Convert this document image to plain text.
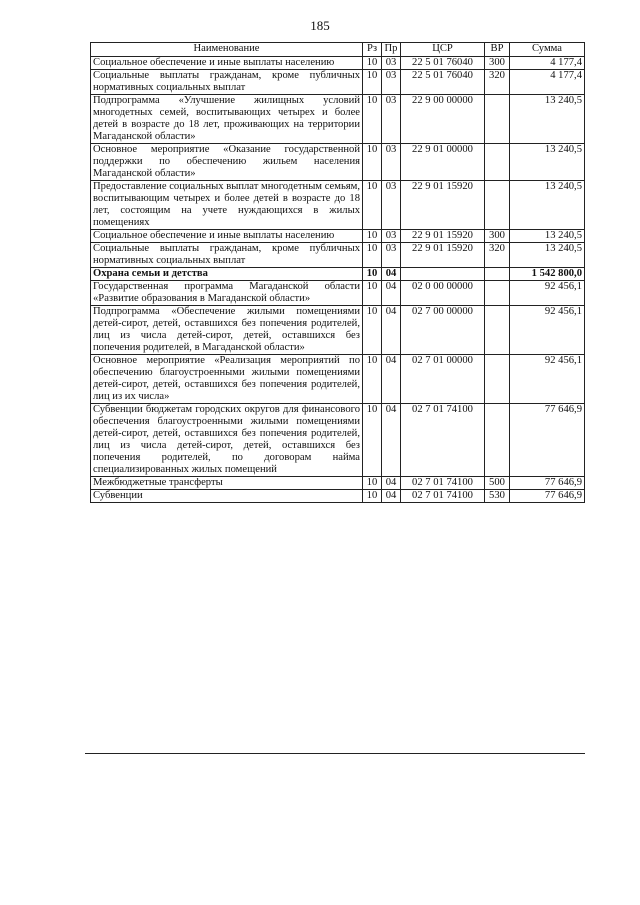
185
Наименование	Рз	Пр	ЦСР	ВР	Сумма
Социальное обеспечение и иные выплаты населению	10	03	22 5 01 76040	300	4 177,4
Социальные выплаты гражданам, кроме публичных нормативных социальных выплат	10	03	22 5 01 76040	320	4 177,4
Подпрограмма «Улучшение жилищных условий многодетных семей, воспитывающих четырех и более детей в возрасте до 18 лет, проживающих на территории Магаданской области»	10	03	22 9 00 00000		13 240,5
Основное мероприятие «Оказание государственной поддержки по обеспечению жильем населения Магаданской области»	10	03	22 9 01 00000		13 240,5
Предоставление социальных выплат многодетным семьям, воспитывающим четырех и более детей в возрасте до 18 лет, состоящим на учете нуждающихся в жилых помещениях	10	03	22 9 01 15920		13 240,5
Социальное обеспечение и иные выплаты населению	10	03	22 9 01 15920	300	13 240,5
Социальные выплаты гражданам, кроме публичных нормативных социальных выплат	10	03	22 9 01 15920	320	13 240,5
Охрана семьи и детства	10	04			1 542 800,0
Государственная программа Магаданской области «Развитие образования в Магаданской области»	10	04	02 0 00 00000		92 456,1
Подпрограмма «Обеспечение жилыми помещениями детей-сирот, детей, оставшихся без попечения родителей, лиц из числа детей-сирот, детей, оставшихся без попечения родителей, в Магаданской области»	10	04	02 7 00 00000		92 456,1
Основное мероприятие «Реализация мероприятий по обеспечению благоустроенными жилыми помещениями детей-сирот, детей, оставшихся без попечения родителей, лиц из их числа»	10	04	02 7 01 00000		92 456,1
Субвенции бюджетам городских округов для финансового обеспечения благоустроенными жилыми помещениями детей-сирот, детей, оставшихся без попечения родителей, лиц из числа детей-сирот, детей, оставшихся без попечения родителей, по договорам найма специализированных жилых помещений	10	04	02 7 01 74100		77 646,9
Межбюджетные трансферты	10	04	02 7 01 74100	500	77 646,9
Субвенции	10	04	02 7 01 74100	530	77 646,9
